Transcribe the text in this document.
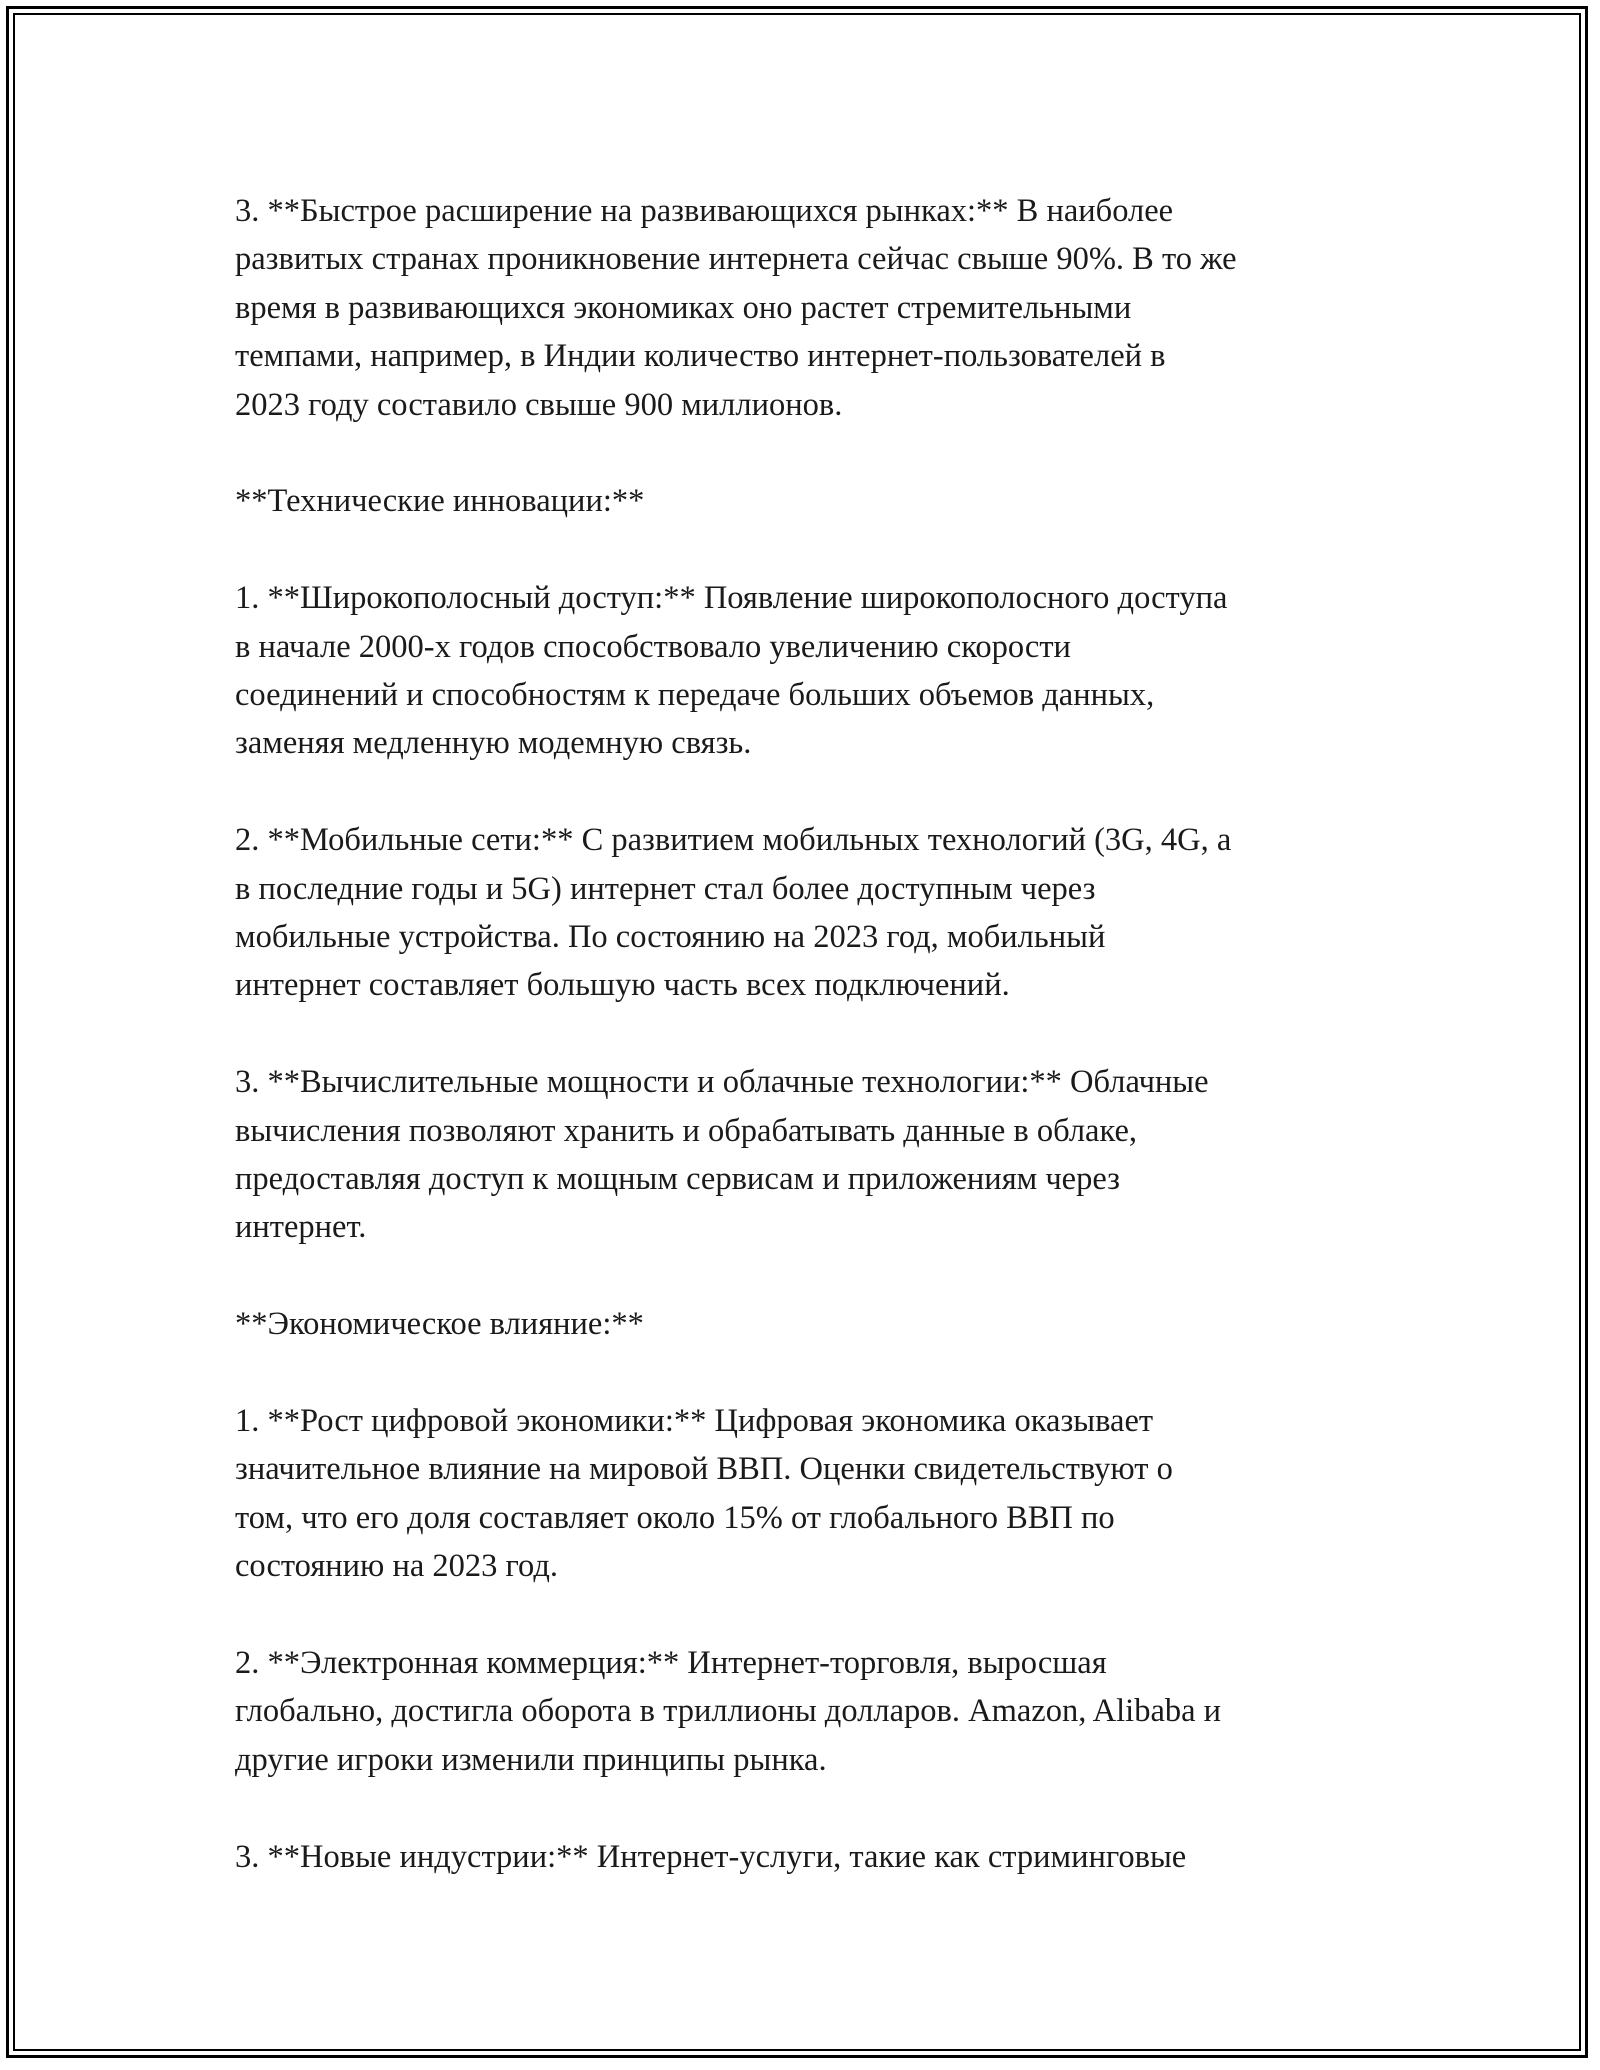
3. **Быстрое расширение на развивающихся рынках:** В наиболее
развитых странах проникновение интернета сейчас свыше 90%. В то же
время в развивающихся экономиках оно растет стремительными
темпами, например, в Индии количество интернет-пользователей в
2023 году составило свыше 900 миллионов.

**Технические инновации:**

1. **Широкополосный доступ:** Появление широкополосного доступа
в начале 2000-х годов способствовало увеличению скорости
соединений и способностям к передаче больших объемов данных,
заменяя медленную модемную связь.

2. **Мобильные сети:** С развитием мобильных технологий (3G, 4G, а
в последние годы и 5G) интернет стал более доступным через
мобильные устройства. По состоянию на 2023 год, мобильный
интернет составляет большую часть всех подключений.

3. **Вычислительные мощности и облачные технологии:** Облачные
вычисления позволяют хранить и обрабатывать данные в облаке,
предоставляя доступ к мощным сервисам и приложениям через
интернет.

**Экономическое влияние:**

1. **Рост цифровой экономики:** Цифровая экономика оказывает
значительное влияние на мировой ВВП. Оценки свидетельствуют о
том, что его доля составляет около 15% от глобального ВВП по
состоянию на 2023 год.

2. **Электронная коммерция:** Интернет-торговля, выросшая
глобально, достигла оборота в триллионы долларов. Amazon, Alibaba и
другие игроки изменили принципы рынка.

3. **Новые индустрии:** Интернет-услуги, такие как стриминговые
